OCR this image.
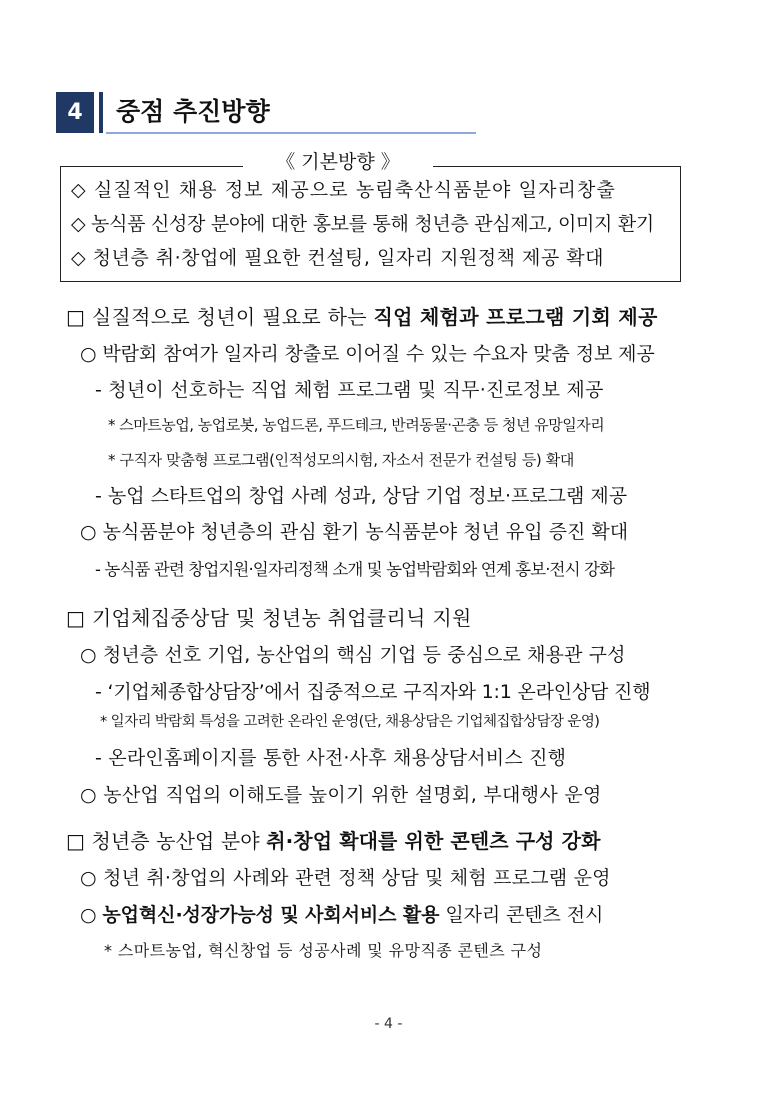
4	중점 추진방향
◇ 실질적인 채용 정보 제공으로 농림축산식품분야 일자리창출
◇ 농식품 신성장 분야에 대한 홍보를 통해 청년층 관심제고, 이미지 환기
◇ 청년층 취·창업에 필요한 컨설팅, 일자리 지원정책 제공 확대
《 기본방향 》
□ 실질적으로 청년이 필요로 하는 직업 체험과 프로그램 기회 제공
○ 박람회 참여가 일자리 창출로 이어질 수 있는 수요자 맞춤 정보 제공
- 청년이 선호하는 직업 체험 프로그램 및 직무·진로정보 제공
* 스마트농업, 농업로봇, 농업드론, 푸드테크, 반려동물·곤충 등 청년 유망일자리
* 구직자 맞춤형 프로그램(인적성모의시험, 자소서 전문가 컨설팅 등) 확대
- 농업 스타트업의 창업 사례 성과, 상담 기업 정보·프로그램 제공
○ 농식품분야 청년층의 관심 환기 농식품분야 청년 유입 증진 확대
- 농식품 관련 창업지원·일자리정책 소개 및 농업박람회와 연계 홍보·전시 강화
□ 기업체집중상담 및 청년농 취업클리닉 지원
○ 청년층 선호 기업, 농산업의 핵심 기업 등 중심으로 채용관 구성
- ‘기업체종합상담장’에서 집중적으로 구직자와 1:1 온라인상담 진행
* 일자리 박람회 특성을 고려한 온라인 운영(단, 채용상담은 기업체집합상담장 운영)
- 온라인홈페이지를 통한 사전·사후 채용상담서비스 진행
○ 농산업 직업의 이해도를 높이기 위한 설명회, 부대행사 운영
□ 청년층 농산업 분야 취·창업 확대를 위한 콘텐츠 구성 강화
○ 청년 취·창업의 사례와 관련 정책 상담 및 체험 프로그램 운영
○ 농업혁신·성장가능성 및 사회서비스 활용 일자리 콘텐츠 전시
* 스마트농업, 혁신창업 등 성공사례 및 유망직종 콘텐츠 구성
- 4 -
